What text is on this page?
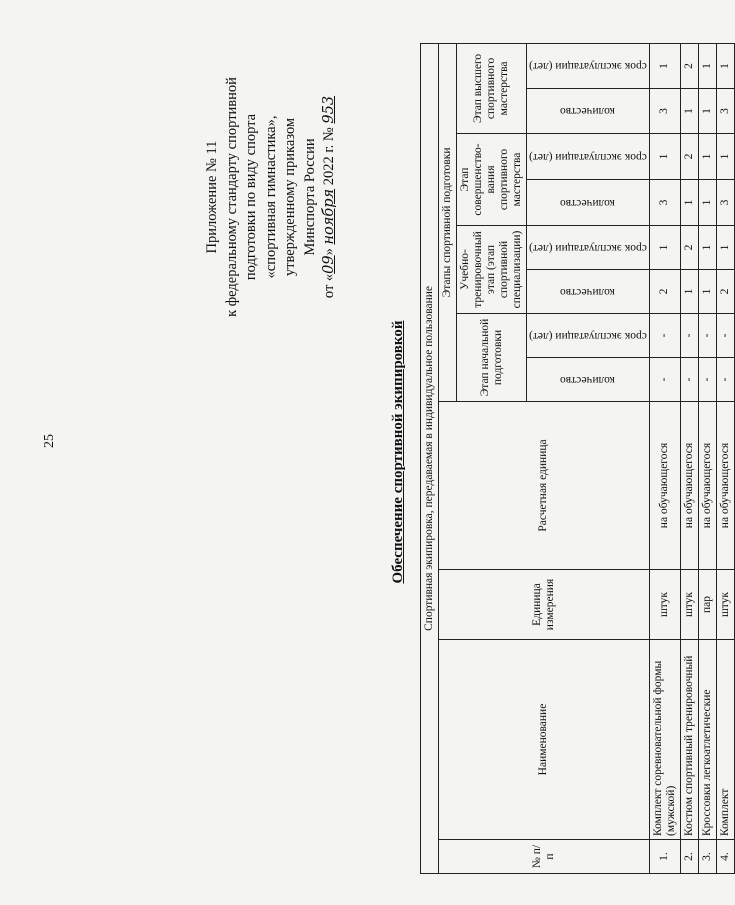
25
Приложение № 11 к федеральному стандарту спортивной подготовки по виду спорта «спортивная гимнастика», утвержденному приказом Минспорта России
от «09» ноября 2022 г. № 953
Обеспечение спортивной экипировкой Спортивная экипировка, передаваемая в индивидуальное пользование											
№ п/п	Наименование	Единица измерения	Расчетная единица	Этапы спортивной подготовки							
				Этап начальной подготовки		Учебно-тренировочный этап (этап спортивной специализации)		Этап совершенство-вания спортивного мастерства		Этап высшего спортивного мастерства	

				количество	срок эксплуатации (лет)	количество	срок эксплуатации (лет)	количество	срок эксплуатации (лет)	количество	срок эксплуатации (лет)

1.	Комплект соревновательной формы (мужской)	штук	на обучающегося	-	-	2	1	3	1	3	1
2.	Костюм спортивный тренировочный	штук	на обучающегося	-	-	1	2	1	2	1	2
3.	Кроссовки легкоатлетические	пар	на обучающегося	-	-	1	1	1	1	1	1
4.	Комплект	штук	на обучающегося	-	-	2	1	3	1	3	1
